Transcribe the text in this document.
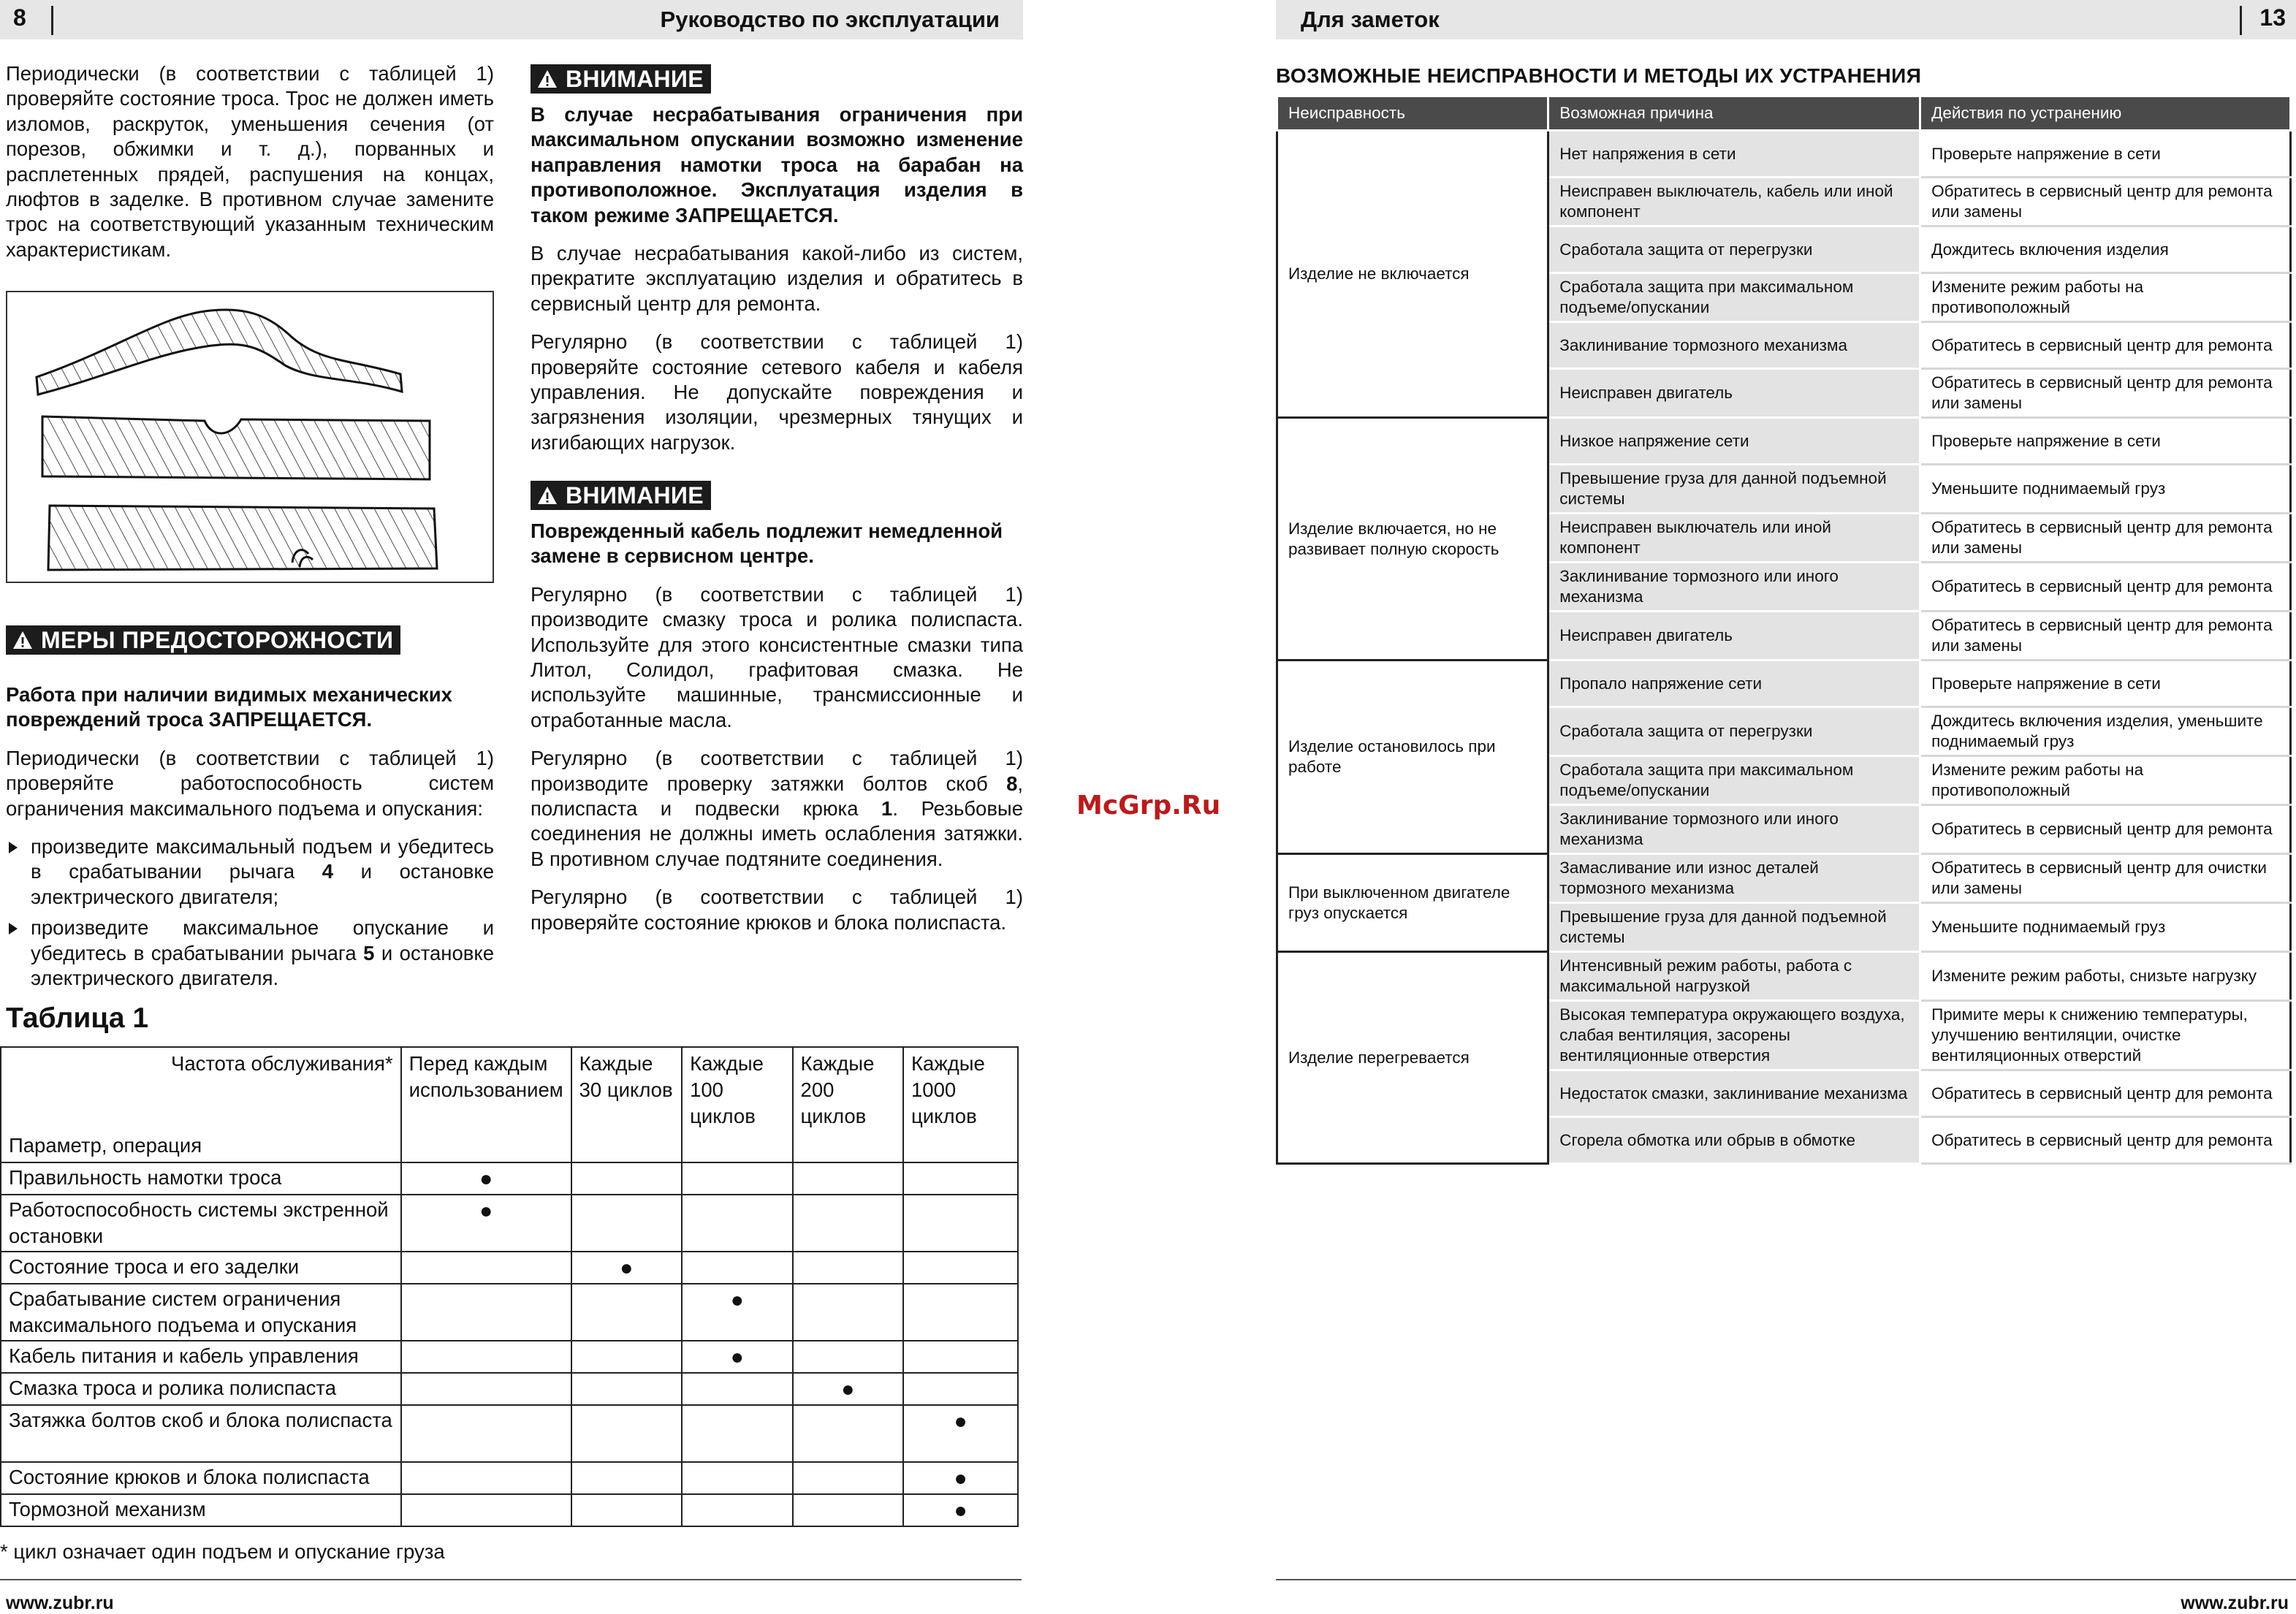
8	Руководство по эксплуатации	Для заметок	13

Периодически (в соответствии с таблицей 1) проверяйте состояние троса. Трос не должен иметь изломов, раскруток, уменьшения сечения (от порезов, обжимки и т. д.), порванных и расплетенных прядей, распушения на концах, люфтов в заделке. В противном случае замените трос на соответствующий указанным техническим характеристикам.

МЕРЫ ПРЕДОСТОРОЖНОСТИ

Работа при наличии видимых механических повреждений троса ЗАПРЕЩАЕТСЯ.

Периодически (в соответствии с таблицей 1) проверяйте работоспособность систем ограничения максимального подъема и опускания:

произведите максимальный подъем и убедитесь в срабатывании рычага 4 и остановке электрического двигателя;

произведите максимальное опускание и убедитесь в срабатывании рычага 5 и остановке электрического двигателя.

ВНИМАНИЕ

В случае несрабатывания ограничения при максимальном опускании возможно изменение направления намотки троса на барабан на противоположное. Эксплуатация изделия в таком режиме ЗАПРЕЩАЕТСЯ.

В случае несрабатывания какой-либо из систем, прекратите эксплуатацию изделия и обратитесь в сервисный центр для ремонта.

Регулярно (в соответствии с таблицей 1) проверяйте состояние сетевого кабеля и кабеля управления. Не допускайте повреждения и загрязнения изоляции, чрезмерных тянущих и изгибающих нагрузок.

ВНИМАНИЕ

Поврежденный кабель подлежит немедленной замене в сервисном центре.

Регулярно (в соответствии с таблицей 1) производите смазку троса и ролика полиспаста. Используйте для этого консистентные смазки типа Литол, Солидол, графитовая смазка. Не используйте машинные, трансмиссионные и отработанные масла.

Регулярно (в соответствии с таблицей 1) производите проверку затяжки болтов скоб 8, полиспаста и подвески крюка 1. Резьбовые соединения не должны иметь ослабления затяжки. В противном случае подтяните соединения.

Регулярно (в соответствии с таблицей 1) проверяйте состояние крюков и блока полиспаста.

Таблица 1
Частота обслуживания*
Параметр, операция	Перед каждым использованием	Каждые 30 циклов	Каждые 100 циклов	Каждые 200 циклов	Каждые 1000 циклов
Правильность намотки троса	●				
Работоспособность системы экстренной остановки	●				
Состояние троса и его заделки		●			
Срабатывание систем ограничения максимального подъема и опускания			●		
Кабель питания и кабель управления			●		
Смазка троса и ролика полиспаста				●	
Затяжка болтов скоб и блока полиспаста					●
Состояние крюков и блока полиспаста					●
Тормозной механизм					●
* цикл означает один подъем и опускание груза
www.zubr.ru
McGrp.Ru
ВОЗМОЖНЫЕ НЕИСПРАВНОСТИ И МЕТОДЫ ИХ УСТРАНЕНИЯ
Неисправность	Возможная причина	Действия по устранению
Изделие не включается	Нет напряжения в сети	Проверьте напряжение в сети
	Неисправен выключатель, кабель или иной компонент	Обратитесь в сервисный центр для ремонта или замены
	Сработала защита от перегрузки	Дождитесь включения изделия
	Сработала защита при максимальном подъеме/опускании	Измените режим работы на противоположный
	Заклинивание тормозного механизма	Обратитесь в сервисный центр для ремонта
	Неисправен двигатель	Обратитесь в сервисный центр для ремонта или замены
Изделие включается, но не развивает полную скорость	Низкое напряжение сети	Проверьте напряжение в сети
	Превышение груза для данной подъемной системы	Уменьшите поднимаемый груз
	Неисправен выключатель или иной компонент	Обратитесь в сервисный центр для ремонта или замены
	Заклинивание тормозного или иного механизма	Обратитесь в сервисный центр для ремонта
	Неисправен двигатель	Обратитесь в сервисный центр для ремонта или замены
Изделие остановилось при работе	Пропало напряжение сети	Проверьте напряжение в сети
	Сработала защита от перегрузки	Дождитесь включения изделия, уменьшите поднимаемый груз
	Сработала защита при максимальном подъеме/опускании	Измените режим работы на противоположный
	Заклинивание тормозного или иного механизма	Обратитесь в сервисный центр для ремонта
При выключенном двигателе груз опускается	Замасливание или износ деталей тормозного механизма	Обратитесь в сервисный центр для очистки или замены
	Превышение груза для данной подъемной системы	Уменьшите поднимаемый груз
Изделие перегревается	Интенсивный режим работы, работа с максимальной нагрузкой	Измените режим работы, снизьте нагрузку
	Высокая температура окружающего воздуха, слабая вентиляция, засорены вентиляционные отверстия	Примите меры к снижению температуры, улучшению вентиляции, очистке вентиляционных отверстий
	Недостаток смазки, заклинивание механизма	Обратитесь в сервисный центр для ремонта
	Сгорела обмотка или обрыв в обмотке	Обратитесь в сервисный центр для ремонта
www.zubr.ru
